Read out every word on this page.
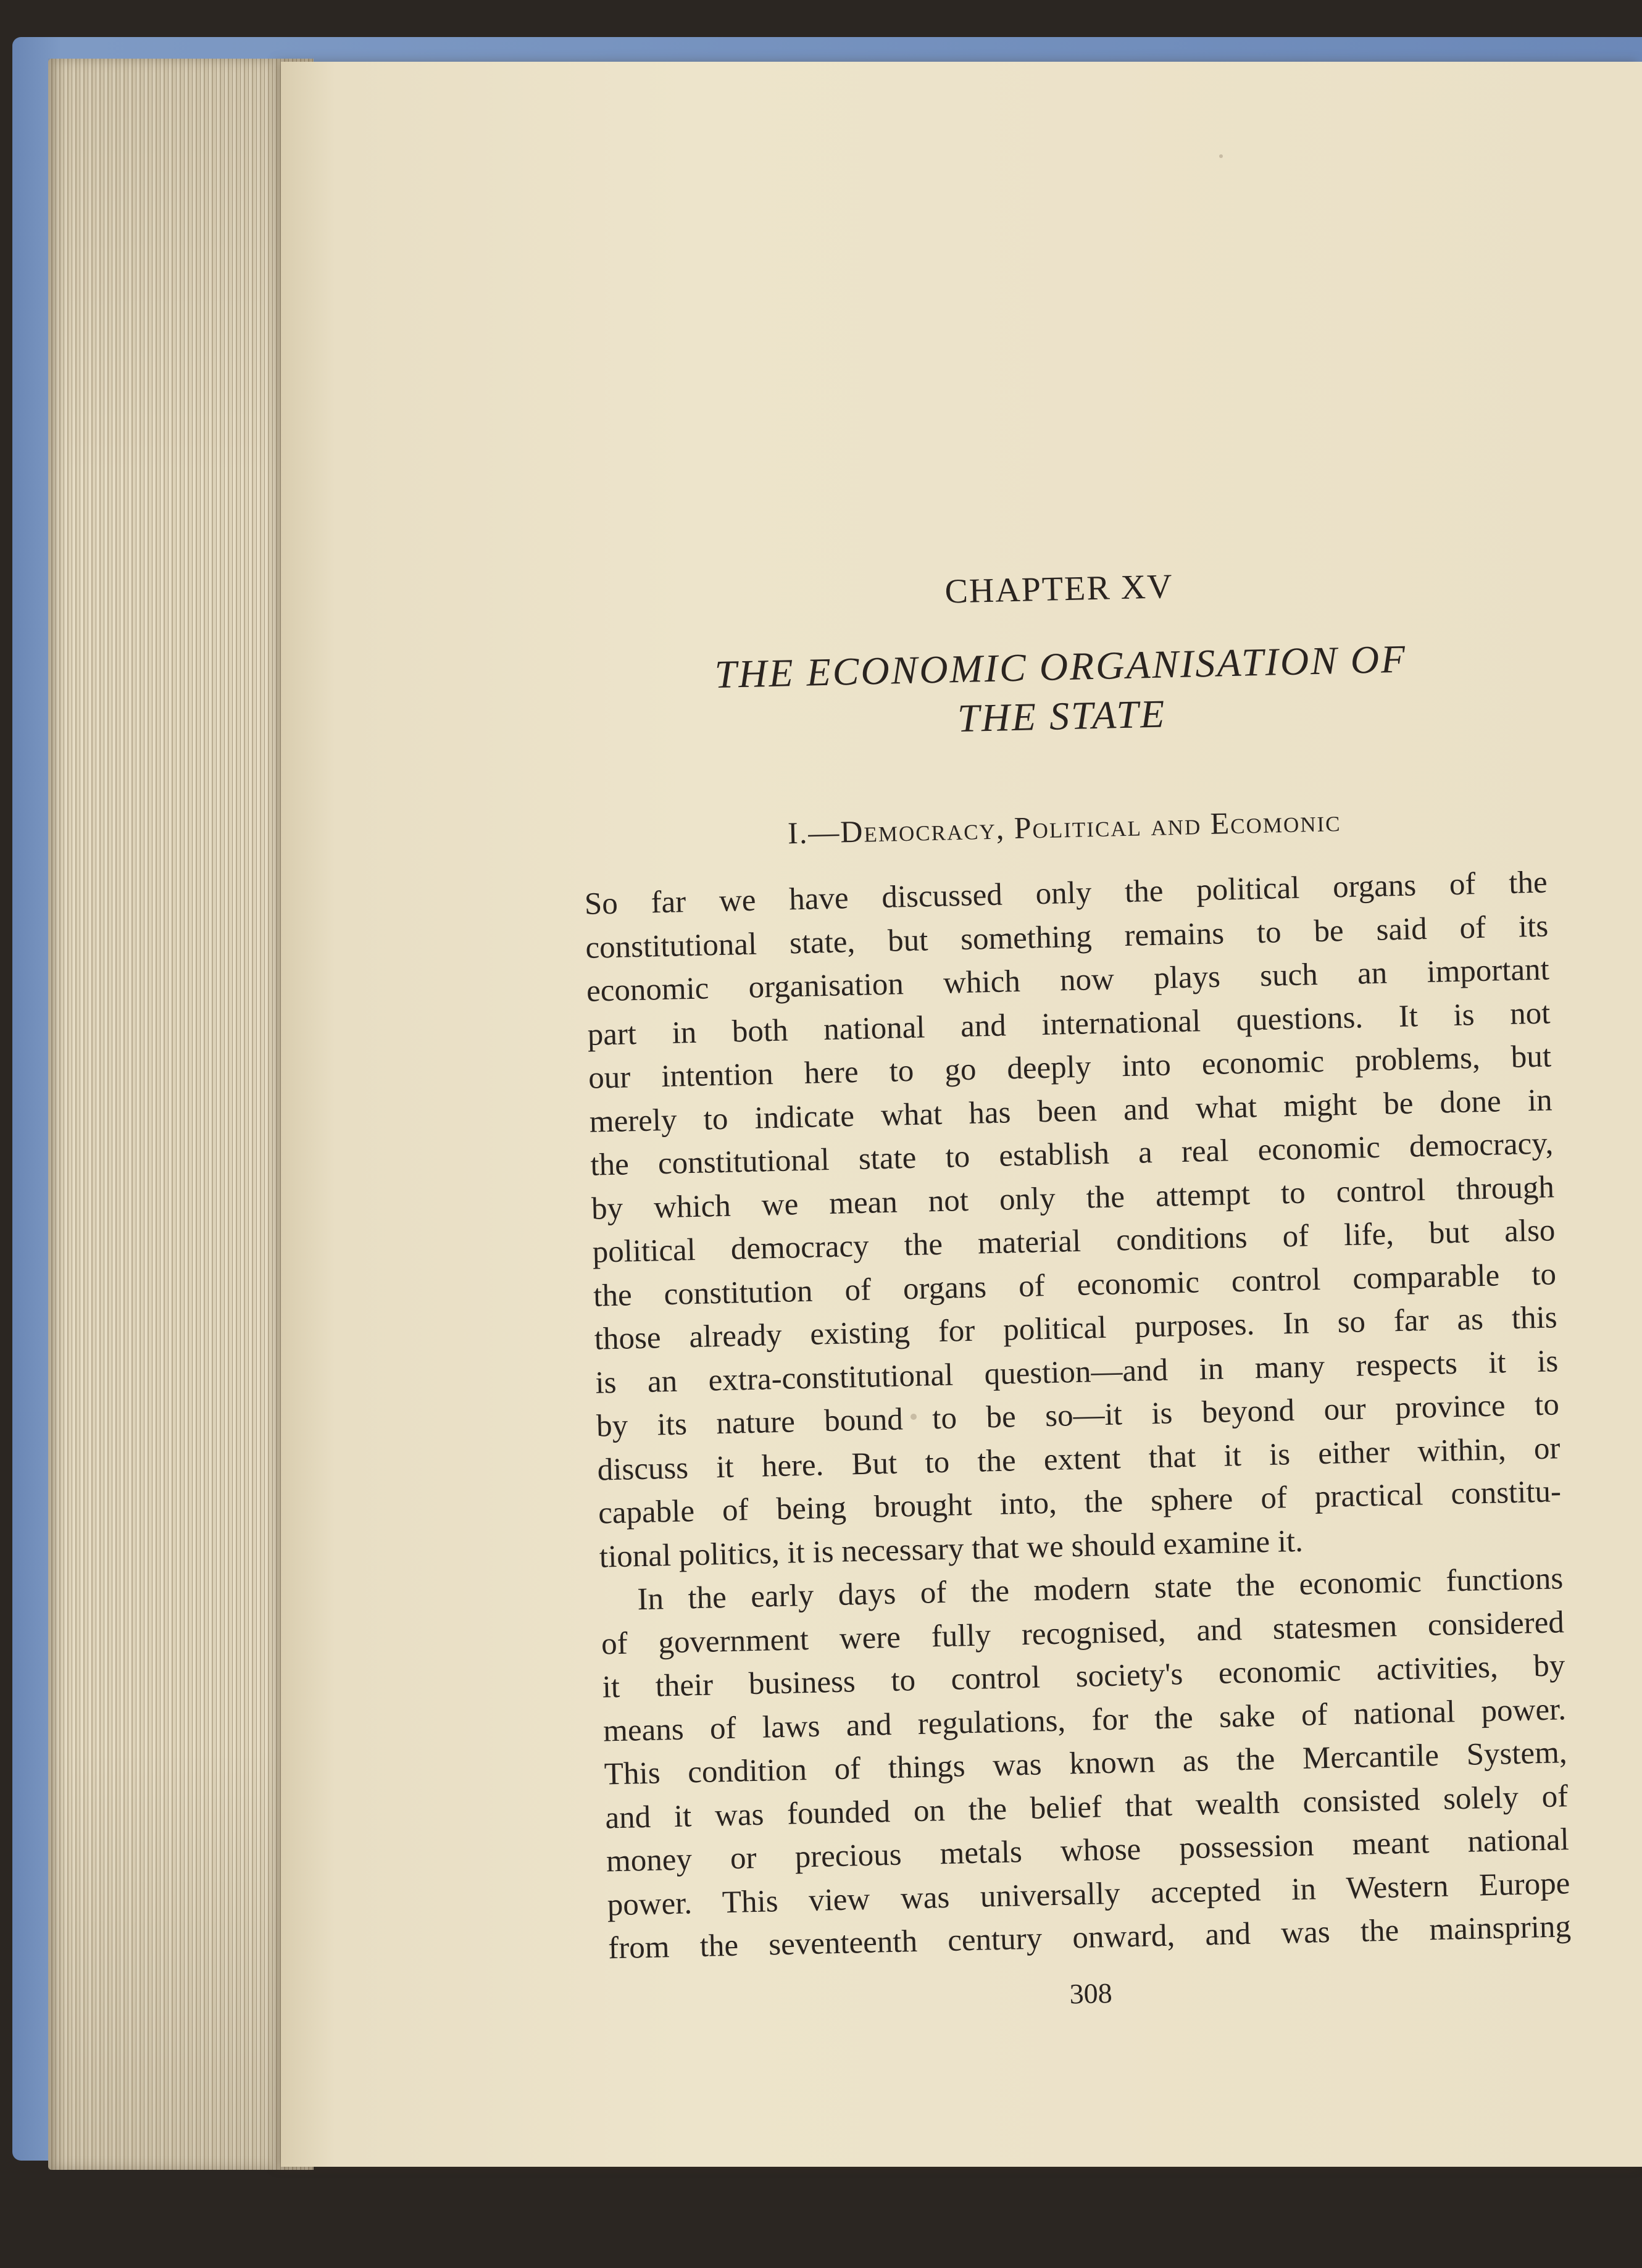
CHAPTER XV
THE ECONOMIC ORGANISATION OF
THE STATE
I.—Democracy, Political and Ecomonic
So far we have discussed only the political organs of the
constitutional state, but something remains to be said of its
economic organisation which now plays such an important
part in both national and international questions. It is not
our intention here to go deeply into economic problems, but
merely to indicate what has been and what might be done in
the constitutional state to establish a real economic democracy,
by which we mean not only the attempt to control through
political democracy the material conditions of life, but also
the constitution of organs of economic control comparable to
those already existing for political purposes. In so far as this
is an extra-constitutional question—and in many respects it is
by its nature bound to be so—it is beyond our province to
discuss it here. But to the extent that it is either within, or
capable of being brought into, the sphere of practical constitu-
tional politics, it is necessary that we should examine it.
In the early days of the modern state the economic functions
of government were fully recognised, and statesmen considered
it their business to control society's economic activities, by
means of laws and regulations, for the sake of national power.
This condition of things was known as the Mercantile System,
and it was founded on the belief that wealth consisted solely of
money or precious metals whose possession meant national
power. This view was universally accepted in Western Europe
from the seventeenth century onward, and was the mainspring
308
